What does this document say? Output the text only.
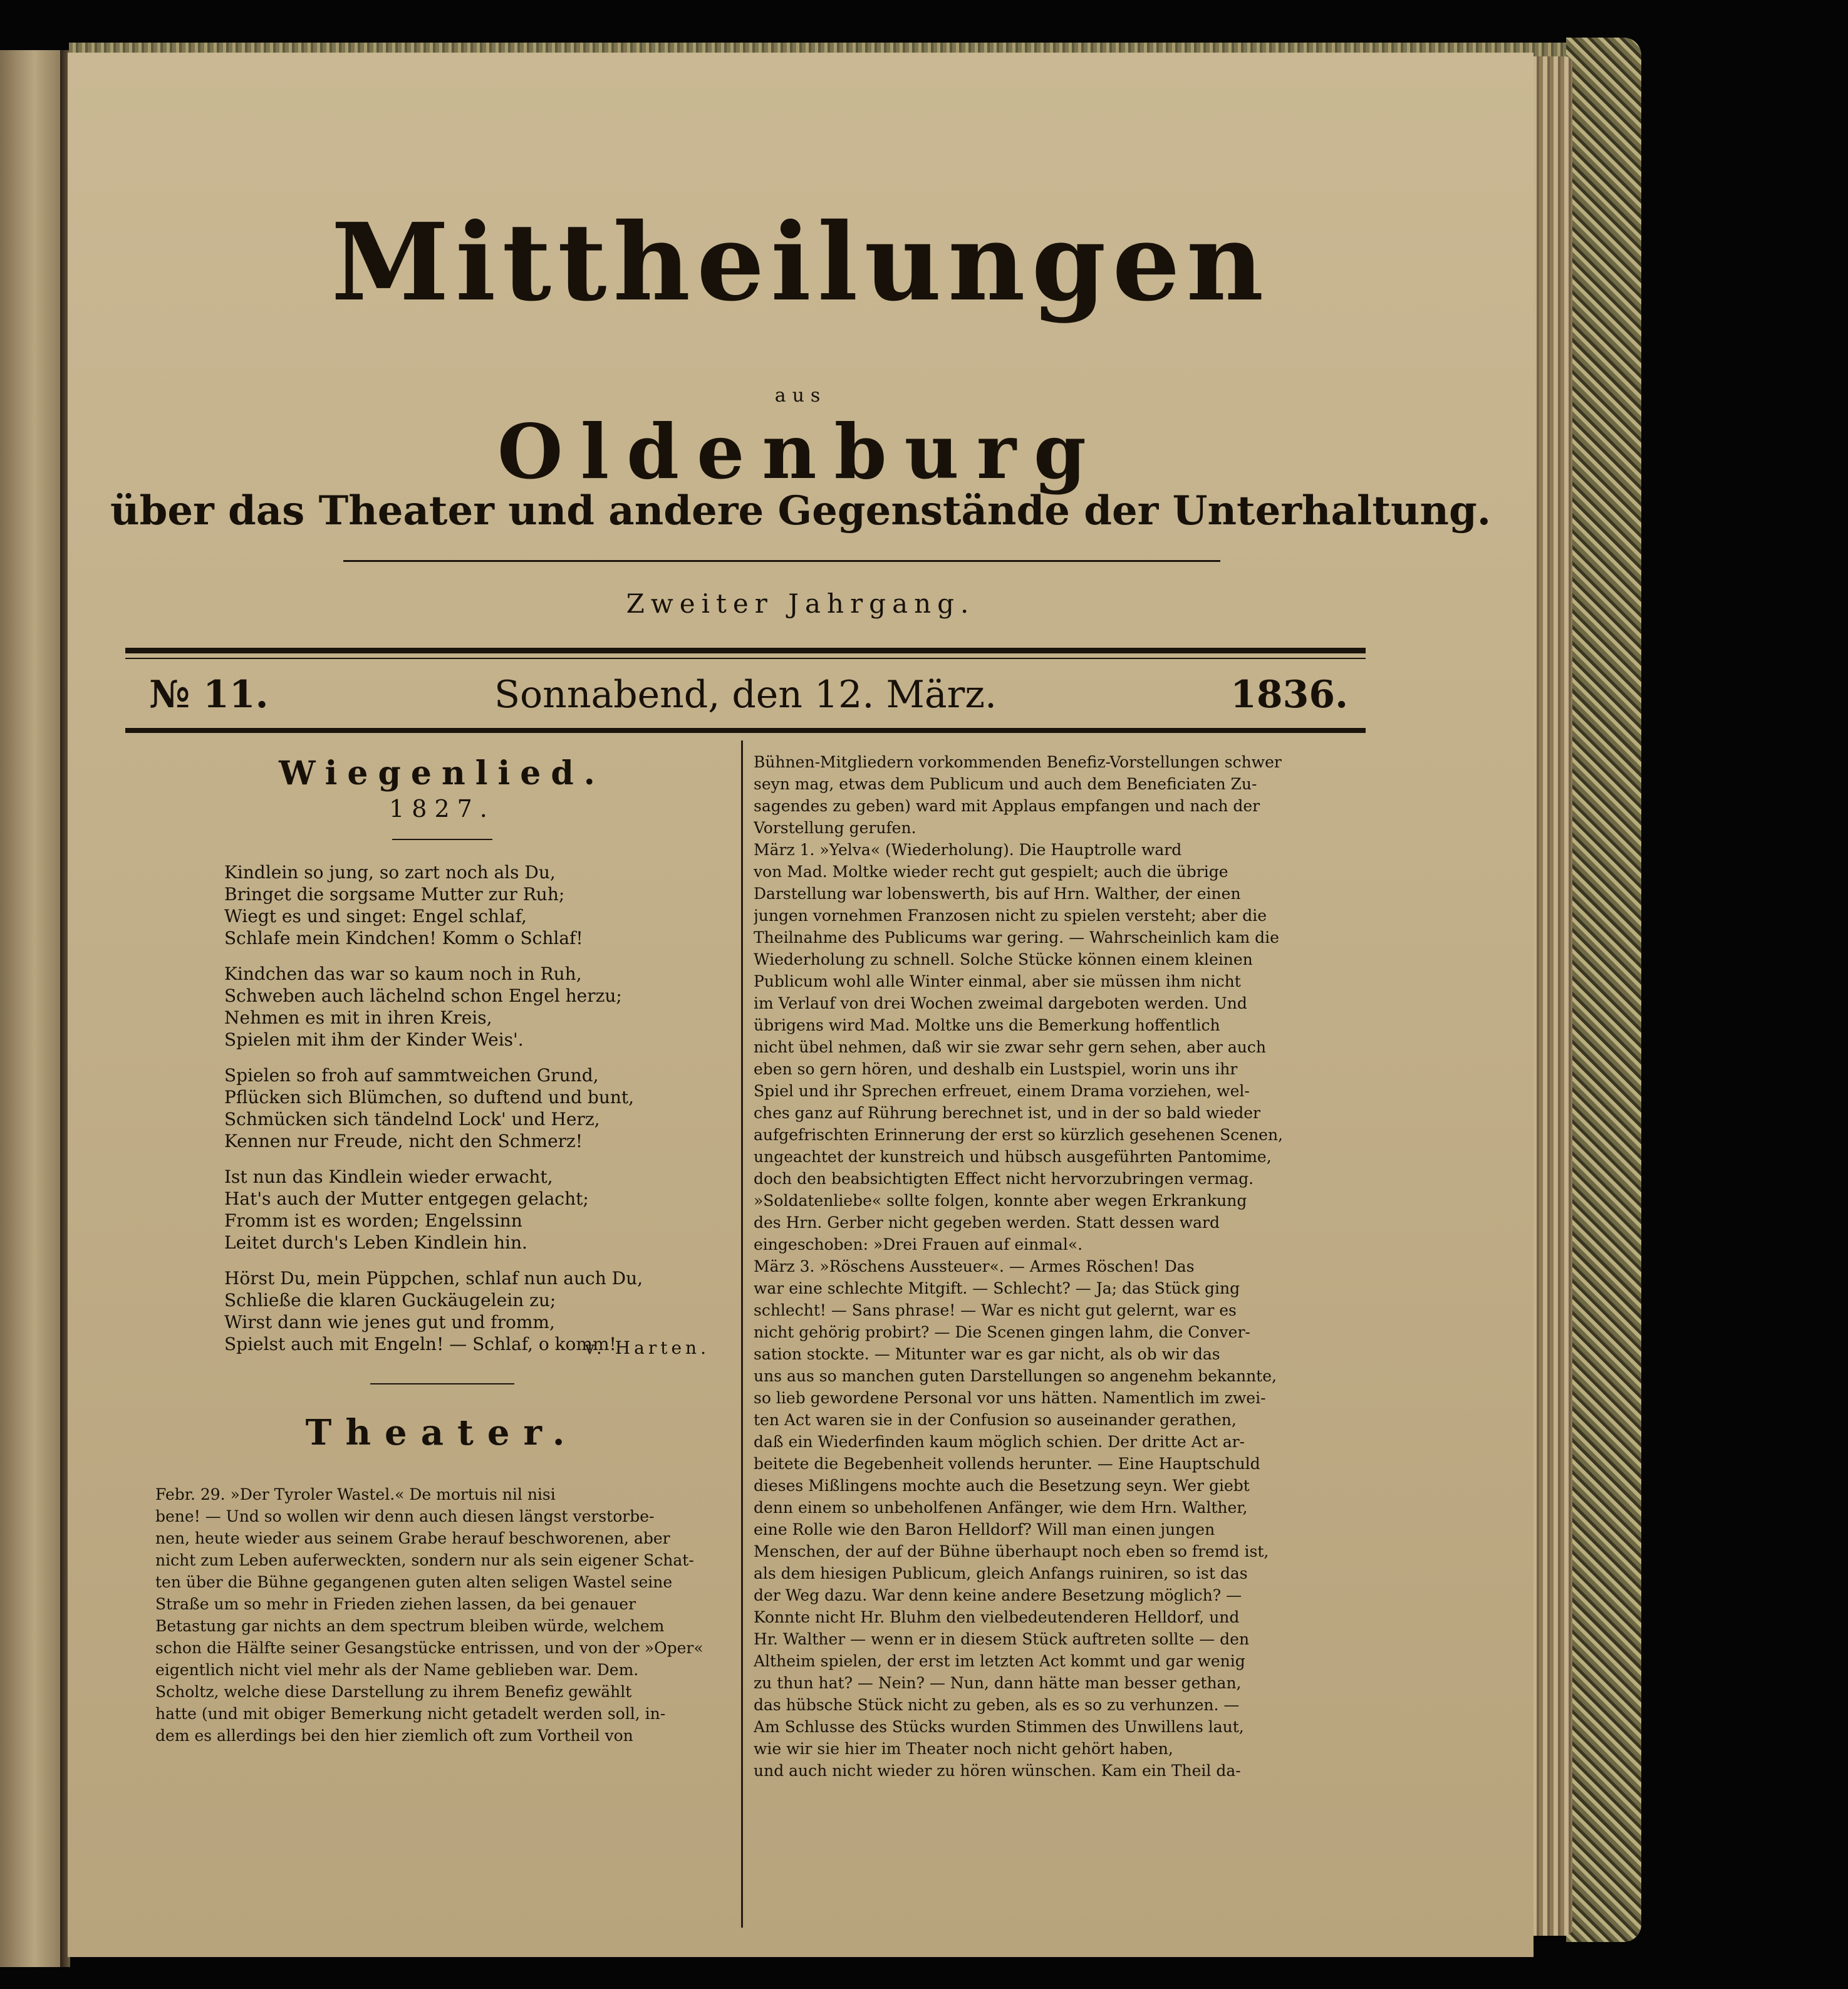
Mittheilungen
aus
Oldenburg
über das Theater und andere Gegenstände der Unterhaltung.
Zweiter Jahrgang.
№ 11.	Sonnabend, den 12. März.	1836.
Wiegenlied.
1827.
Kindlein so jung, so zart noch als Du,
Bringet die sorgsame Mutter zur Ruh;
Wiegt es und singet: Engel schlaf,
Schlafe mein Kindchen! Komm o Schlaf!
Kindchen das war so kaum noch in Ruh,
Schweben auch lächelnd schon Engel herzu;
Nehmen es mit in ihren Kreis,
Spielen mit ihm der Kinder Weis'.
Spielen so froh auf sammtweichen Grund,
Pflücken sich Blümchen, so duftend und bunt,
Schmücken sich tändelnd Lock' und Herz,
Kennen nur Freude, nicht den Schmerz!
Ist nun das Kindlein wieder erwacht,
Hat's auch der Mutter entgegen gelacht;
Fromm ist es worden; Engelssinn
Leitet durch's Leben Kindlein hin.
Hörst Du, mein Püppchen, schlaf nun auch Du,
Schließe die klaren Guckäugelein zu;
Wirst dann wie jenes gut und fromm,
Spielst auch mit Engeln! — Schlaf, o komm!
v. Harten.
Theater.
Febr. 29. »Der Tyroler Wastel.« De mortuis nil nisi
bene! — Und so wollen wir denn auch diesen längst verstorbe-
nen, heute wieder aus seinem Grabe herauf beschworenen, aber
nicht zum Leben auferweckten, sondern nur als sein eigener Schat-
ten über die Bühne gegangenen guten alten seligen Wastel seine
Straße um so mehr in Frieden ziehen lassen, da bei genauer
Betastung gar nichts an dem spectrum bleiben würde, welchem
schon die Hälfte seiner Gesangstücke entrissen, und von der »Oper«
eigentlich nicht viel mehr als der Name geblieben war. Dem.
Scholtz, welche diese Darstellung zu ihrem Benefiz gewählt
hatte (und mit obiger Bemerkung nicht getadelt werden soll, in-
dem es allerdings bei den hier ziemlich oft zum Vortheil von
Bühnen-Mitgliedern vorkommenden Benefiz-Vorstellungen schwer
seyn mag, etwas dem Publicum und auch dem Beneficiaten Zu-
sagendes zu geben) ward mit Applaus empfangen und nach der
Vorstellung gerufen.
März 1. »Yelva« (Wiederholung). Die Hauptrolle ward
von Mad. Moltke wieder recht gut gespielt; auch die übrige
Darstellung war lobenswerth, bis auf Hrn. Walther, der einen
jungen vornehmen Franzosen nicht zu spielen versteht; aber die
Theilnahme des Publicums war gering. — Wahrscheinlich kam die
Wiederholung zu schnell. Solche Stücke können einem kleinen
Publicum wohl alle Winter einmal, aber sie müssen ihm nicht
im Verlauf von drei Wochen zweimal dargeboten werden. Und
übrigens wird Mad. Moltke uns die Bemerkung hoffentlich
nicht übel nehmen, daß wir sie zwar sehr gern sehen, aber auch
eben so gern hören, und deshalb ein Lustspiel, worin uns ihr
Spiel und ihr Sprechen erfreuet, einem Drama vorziehen, wel-
ches ganz auf Rührung berechnet ist, und in der so bald wieder
aufgefrischten Erinnerung der erst so kürzlich gesehenen Scenen,
ungeachtet der kunstreich und hübsch ausgeführten Pantomime,
doch den beabsichtigten Effect nicht hervorzubringen vermag.
»Soldatenliebe« sollte folgen, konnte aber wegen Erkrankung
des Hrn. Gerber nicht gegeben werden. Statt dessen ward
eingeschoben: »Drei Frauen auf einmal«.
März 3. »Röschens Aussteuer«. — Armes Röschen! Das
war eine schlechte Mitgift. — Schlecht? — Ja; das Stück ging
schlecht! — Sans phrase! — War es nicht gut gelernt, war es
nicht gehörig probirt? — Die Scenen gingen lahm, die Conver-
sation stockte. — Mitunter war es gar nicht, als ob wir das
uns aus so manchen guten Darstellungen so angenehm bekannte,
so lieb gewordene Personal vor uns hätten. Namentlich im zwei-
ten Act waren sie in der Confusion so auseinander gerathen,
daß ein Wiederfinden kaum möglich schien. Der dritte Act ar-
beitete die Begebenheit vollends herunter. — Eine Hauptschuld
dieses Mißlingens mochte auch die Besetzung seyn. Wer giebt
denn einem so unbeholfenen Anfänger, wie dem Hrn. Walther,
eine Rolle wie den Baron Helldorf? Will man einen jungen
Menschen, der auf der Bühne überhaupt noch eben so fremd ist,
als dem hiesigen Publicum, gleich Anfangs ruiniren, so ist das
der Weg dazu. War denn keine andere Besetzung möglich? —
Konnte nicht Hr. Bluhm den vielbedeutenderen Helldorf, und
Hr. Walther — wenn er in diesem Stück auftreten sollte — den
Altheim spielen, der erst im letzten Act kommt und gar wenig
zu thun hat? — Nein? — Nun, dann hätte man besser gethan,
das hübsche Stück nicht zu geben, als es so zu verhunzen. —
Am Schlusse des Stücks wurden Stimmen des Unwillens laut,
wie wir sie hier im Theater noch nicht gehört haben,
und auch nicht wieder zu hören wünschen. Kam ein Theil da-
